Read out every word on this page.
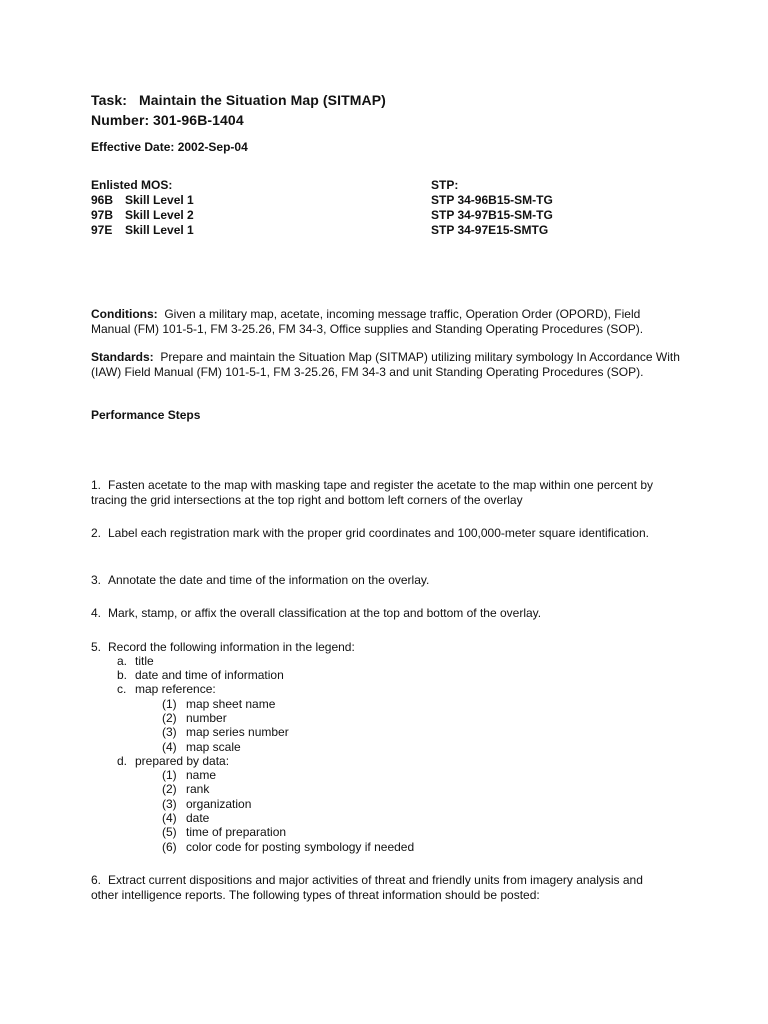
Task: Maintain the Situation Map (SITMAP)
Number: 301-96B-1404
Effective Date: 2002-Sep-04
Enlisted MOS:
96B Skill Level 1
97B Skill Level 2
97E Skill Level 1
STP:
STP 34-96B15-SM-TG
STP 34-97B15-SM-TG
STP 34-97E15-SMTG
Conditions: Given a military map, acetate, incoming message traffic, Operation Order (OPORD), Field Manual (FM) 101-5-1, FM 3-25.26, FM 34-3, Office supplies and Standing Operating Procedures (SOP).
Standards: Prepare and maintain the Situation Map (SITMAP) utilizing military symbology In Accordance With (IAW) Field Manual (FM) 101-5-1, FM 3-25.26, FM 34-3 and unit Standing Operating Procedures (SOP).
Performance Steps
1. Fasten acetate to the map with masking tape and register the acetate to the map within one percent by tracing the grid intersections at the top right and bottom left corners of the overlay
2. Label each registration mark with the proper grid coordinates and 100,000-meter square identification.
3. Annotate the date and time of the information on the overlay.
4. Mark, stamp, or affix the overall classification at the top and bottom of the overlay.
5. Record the following information in the legend:
a. title
b. date and time of information
c. map reference:
(1) map sheet name
(2) number
(3) map series number
(4) map scale
d. prepared by data:
(1) name
(2) rank
(3) organization
(4) date
(5) time of preparation
(6) color code for posting symbology if needed
6. Extract current dispositions and major activities of threat and friendly units from imagery analysis and other intelligence reports. The following types of threat information should be posted:
